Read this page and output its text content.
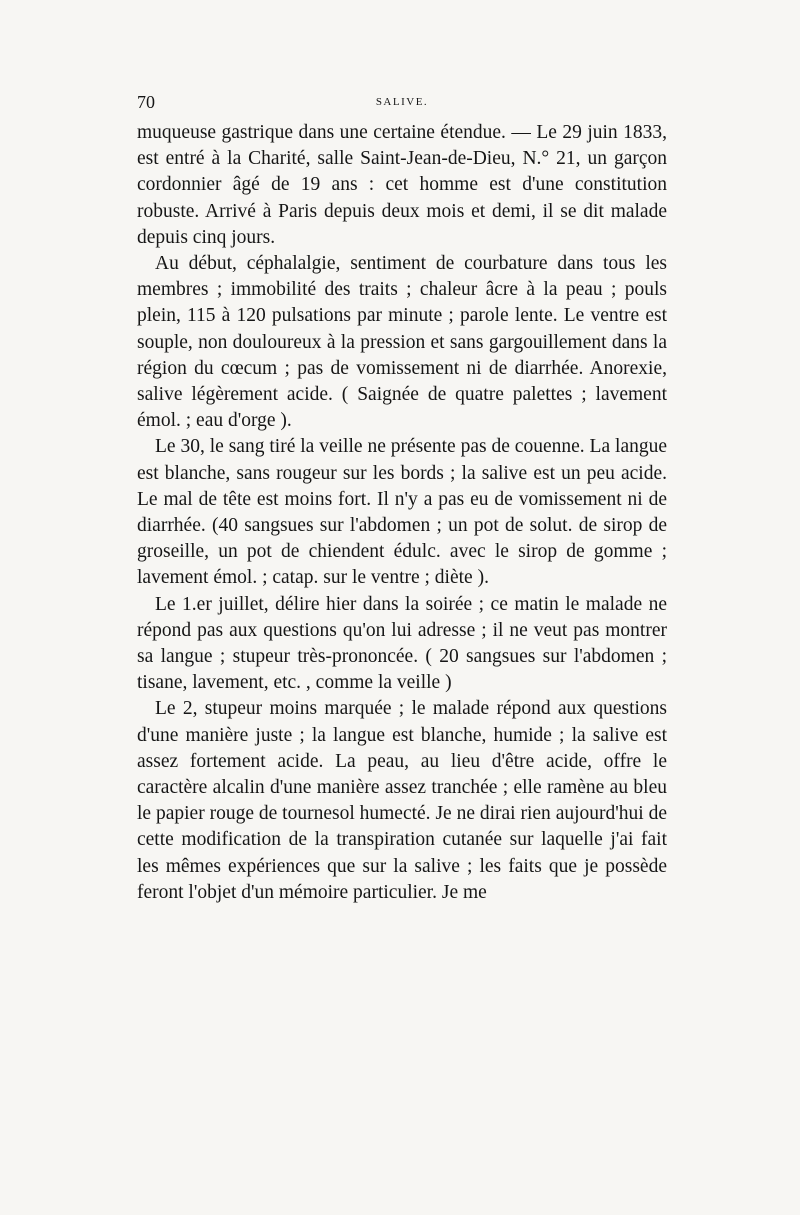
70	SALIVE.

muqueuse gastrique dans une certaine étendue. — Le 29 juin 1833, est entré à la Charité, salle Saint-Jean-de-Dieu, N.° 21, un garçon cordonnier âgé de 19 ans : cet homme est d'une constitution robuste. Arrivé à Paris depuis deux mois et demi, il se dit malade depuis cinq jours.

Au début, céphalalgie, sentiment de courbature dans tous les membres ; immobilité des traits ; chaleur âcre à la peau ; pouls plein, 115 à 120 pulsations par minute ; parole lente. Le ventre est souple, non douloureux à la pression et sans gargouillement dans la région du cœcum ; pas de vomissement ni de diarrhée. Anorexie, salive légèrement acide. ( Saignée de quatre palettes ; lavement émol. ; eau d'orge ).

Le 30, le sang tiré la veille ne présente pas de couenne. La langue est blanche, sans rougeur sur les bords ; la salive est un peu acide. Le mal de tête est moins fort. Il n'y a pas eu de vomissement ni de diarrhée. (40 sangsues sur l'abdomen ; un pot de solut. de sirop de groseille, un pot de chiendent édulc. avec le sirop de gomme ; lavement émol. ; catap. sur le ventre ; diète ).

Le 1.er juillet, délire hier dans la soirée ; ce matin le malade ne répond pas aux questions qu'on lui adresse ; il ne veut pas montrer sa langue ; stupeur très-prononcée. ( 20 sangsues sur l'abdomen ; tisane, lavement, etc. , comme la veille )

Le 2, stupeur moins marquée ; le malade répond aux questions d'une manière juste ; la langue est blanche, humide ; la salive est assez fortement acide. La peau, au lieu d'être acide, offre le caractère alcalin d'une manière assez tranchée ; elle ramène au bleu le papier rouge de tournesol humecté. Je ne dirai rien aujourd'hui de cette modification de la transpiration cutanée sur laquelle j'ai fait les mêmes expériences que sur la salive ; les faits que je possède feront l'objet d'un mémoire particulier. Je me
